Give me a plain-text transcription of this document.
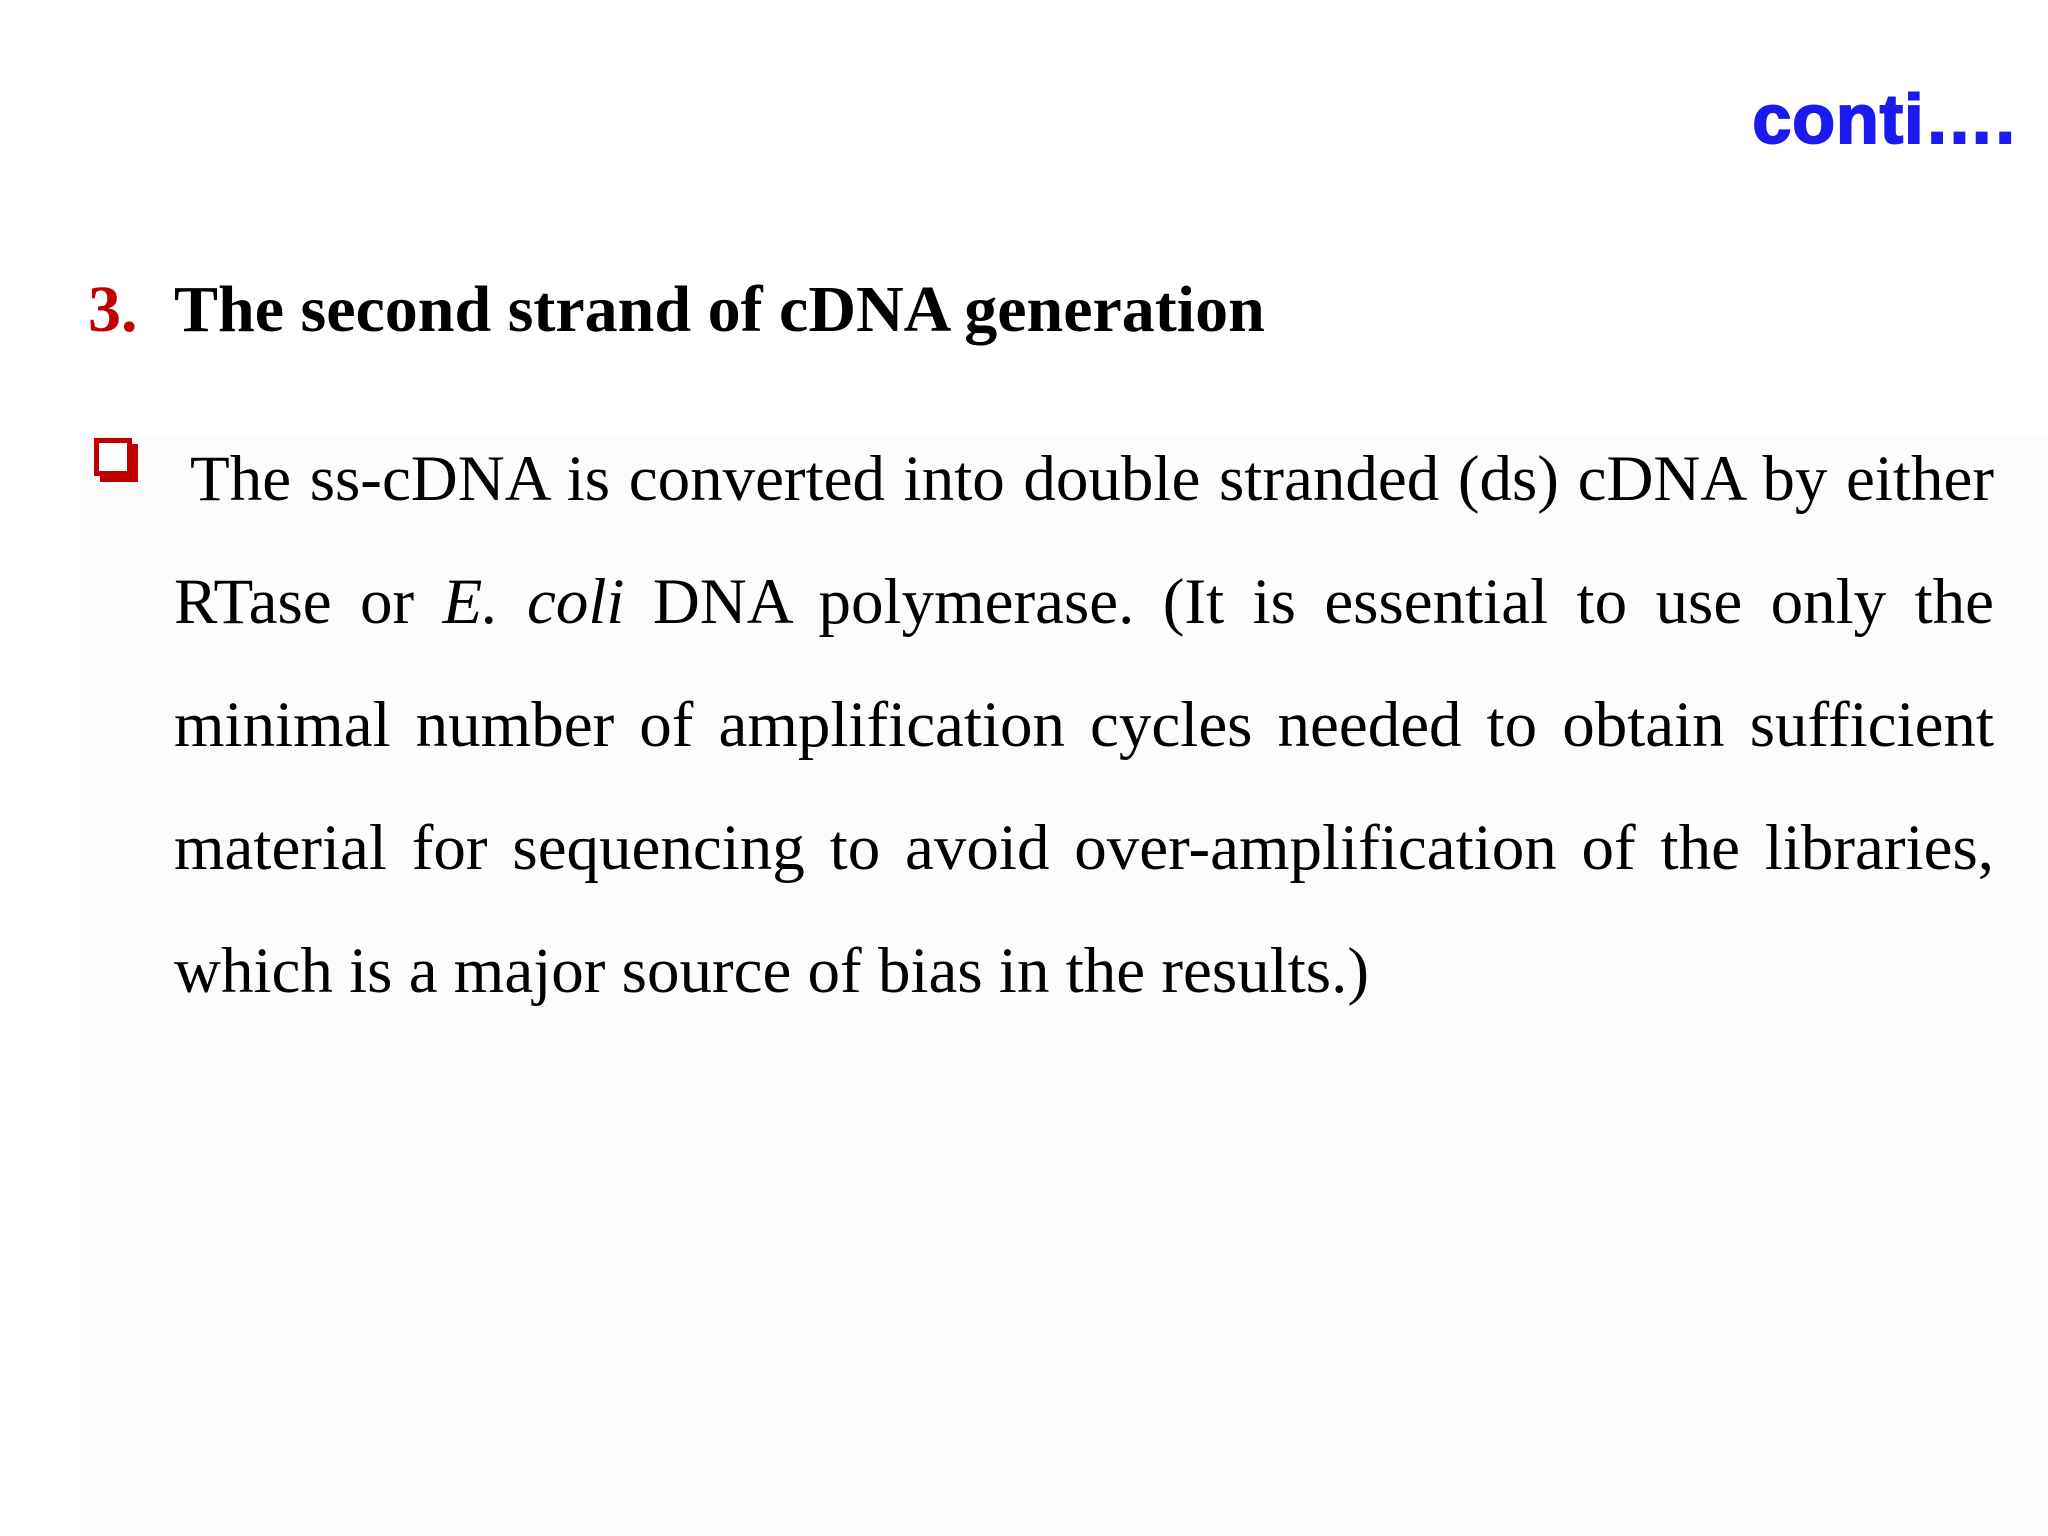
conti….
3. The second strand of cDNA generation

The ss-cDNA is converted into double stranded (ds) cDNA by either RTase or E. coli DNA polymerase. (It is essential to use only the minimal number of amplification cycles needed to obtain sufficient material for sequencing to avoid over-amplification of the libraries, which is a major source of bias in the results.)
